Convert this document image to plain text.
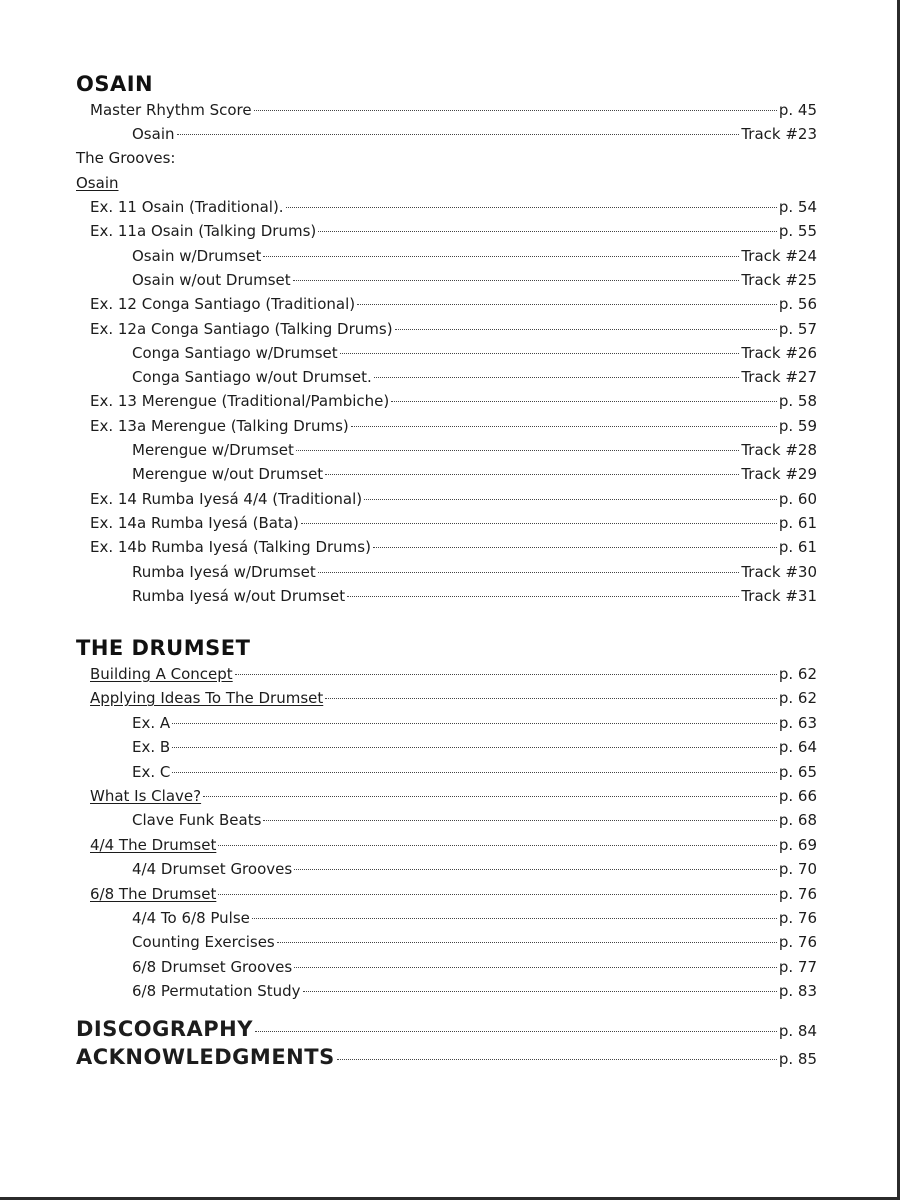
OSAIN
Master Rhythm Score	p. 45
Osain	Track #23
The Grooves:
Osain
Ex. 11 Osain (Traditional).	p. 54
Ex. 11a Osain (Talking Drums)	p. 55
Osain w/Drumset	Track #24
Osain w/out Drumset	Track #25
Ex. 12 Conga Santiago (Traditional)	p. 56
Ex. 12a Conga Santiago (Talking Drums)	p. 57
Conga Santiago w/Drumset	Track #26
Conga Santiago w/out Drumset.	Track #27
Ex. 13 Merengue (Traditional/Pambiche)	p. 58
Ex. 13a Merengue (Talking Drums)	p. 59
Merengue w/Drumset	Track #28
Merengue w/out Drumset	Track #29
Ex. 14 Rumba Iyesá 4/4 (Traditional)	p. 60
Ex. 14a Rumba Iyesá (Bata)	p. 61
Ex. 14b Rumba Iyesá (Talking Drums)	p. 61
Rumba Iyesá w/Drumset	Track #30
Rumba Iyesá w/out Drumset	Track #31
THE DRUMSET
Building A Concept	p. 62
Applying Ideas To The Drumset	p. 62
Ex. A	p. 63
Ex. B	p. 64
Ex. C	p. 65
What Is Clave?	p. 66
Clave Funk Beats	p. 68
4/4 The Drumset	p. 69
4/4 Drumset Grooves	p. 70
6/8 The Drumset	p. 76
4/4 To 6/8 Pulse	p. 76
Counting Exercises	p. 76
6/8 Drumset Grooves	p. 77
6/8 Permutation Study	p. 83
DISCOGRAPHY	p. 84
ACKNOWLEDGMENTS	p. 85
